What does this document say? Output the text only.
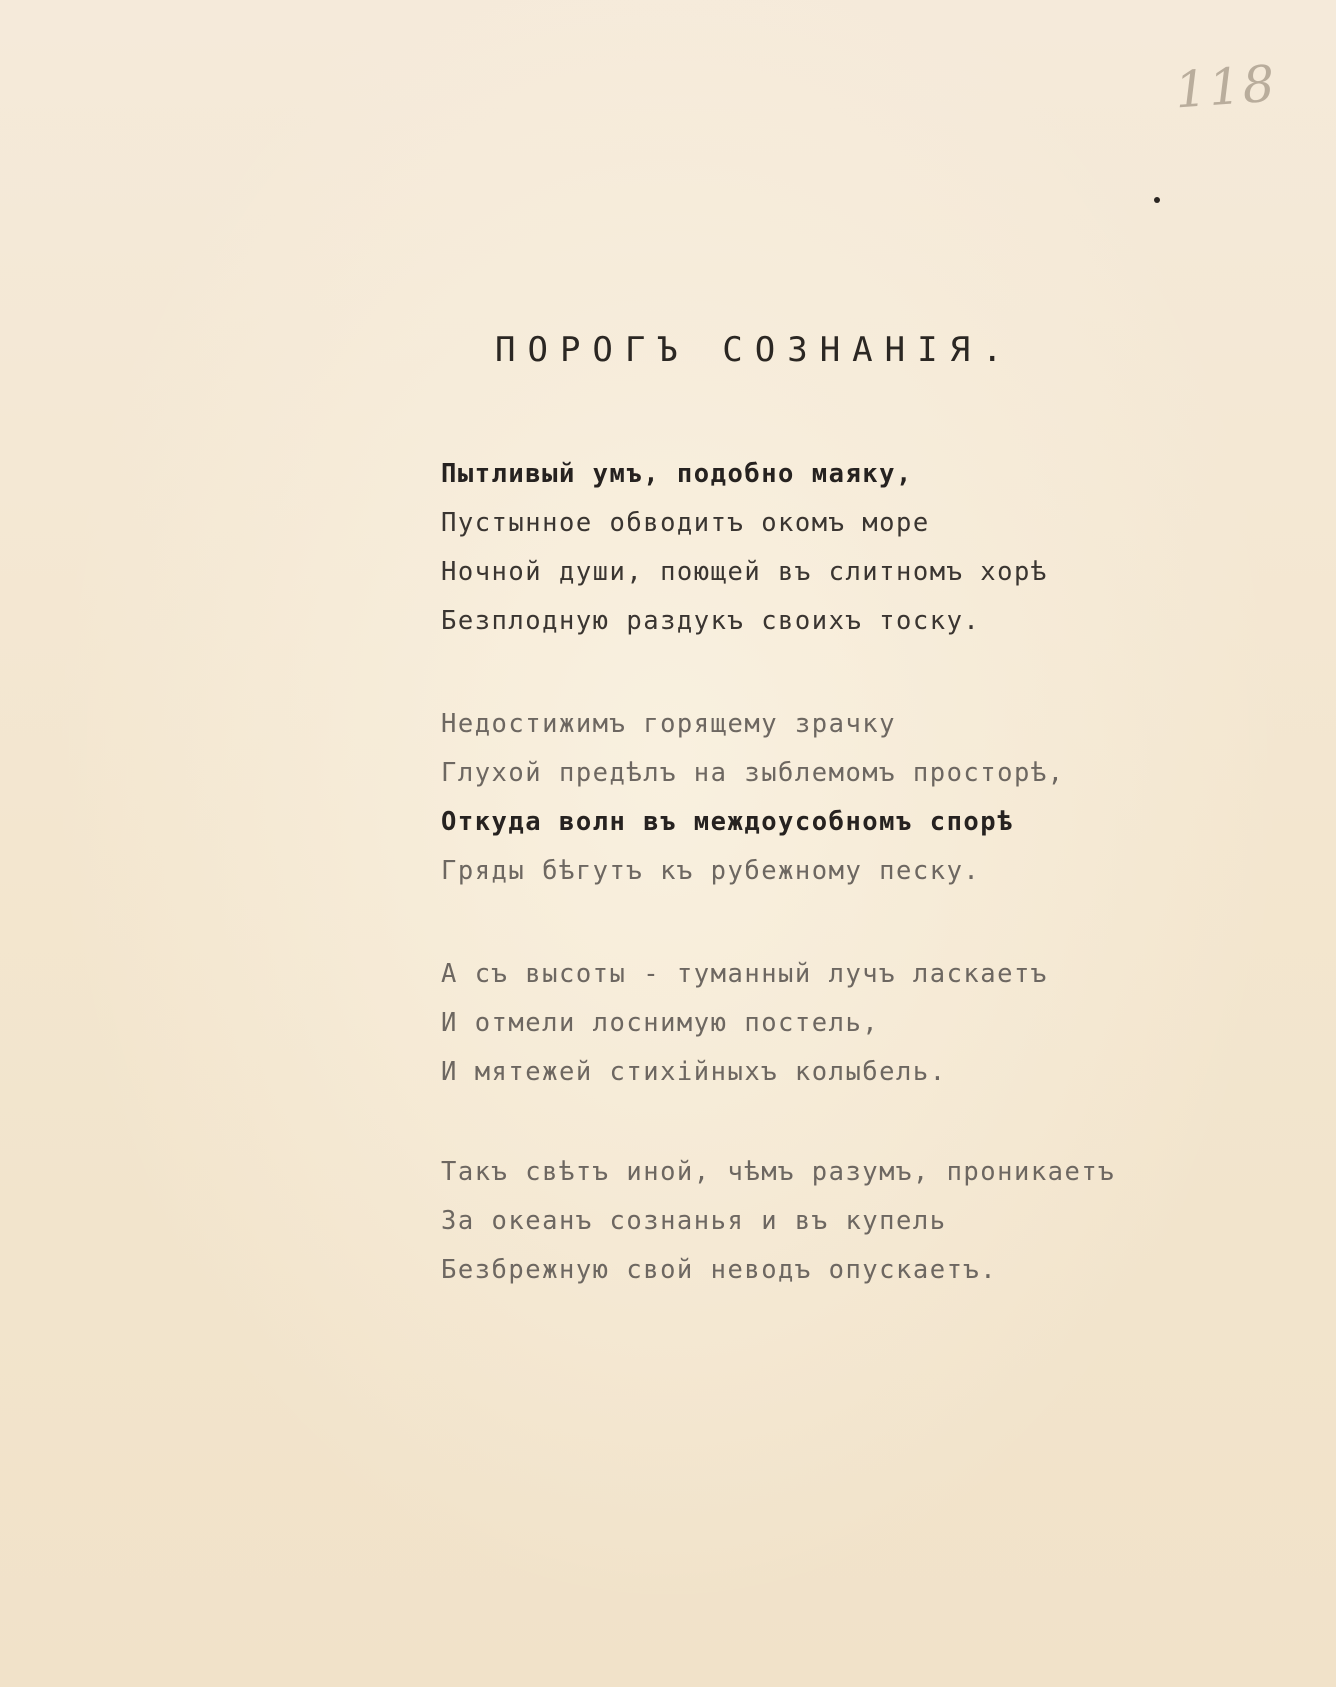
118
ПОРОГЪ СОЗНАНІЯ.
Пытливый умъ, подобно маяку,
Пустынное обводитъ окомъ море
Ночной души, поющей въ слитномъ хорѣ
Безплодную раздукъ своихъ тоску.
Недостижимъ горящему зрачку
Глухой предѣлъ на зыблемомъ просторѣ,
Откуда волн въ междоусобномъ спорѣ
Гряды бѣгутъ къ рубежному песку.
А съ высоты - туманный лучъ ласкаетъ
И отмели лоснимую постель,
И мятежей стихійныхъ колыбель.
Такъ свѣтъ иной, чѣмъ разумъ, проникаетъ
За океанъ сознанья и въ купель
Безбрежную свой неводъ опускаетъ.
